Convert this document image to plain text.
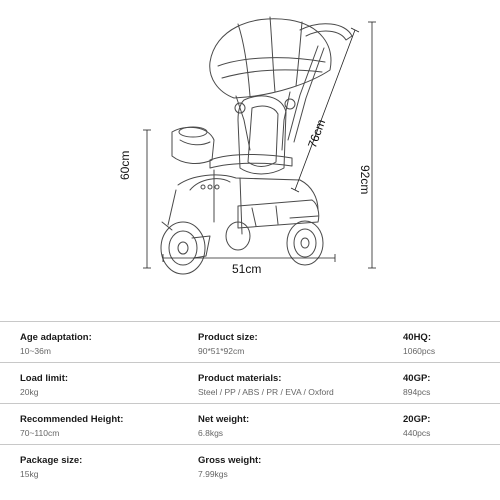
60cm
51cm
76cm
92cm
Age adaptation:
10~36m
Product size:
90*51*92cm
40HQ:
1060pcs
Load limit:
20kg
Product materials:
Steel / PP / ABS / PR / EVA / Oxford
40GP:
894pcs
Recommended Height:
70~110cm
Net weight:
6.8kgs
20GP:
440pcs
Package size:
15kg
Gross weight:
7.99kgs
